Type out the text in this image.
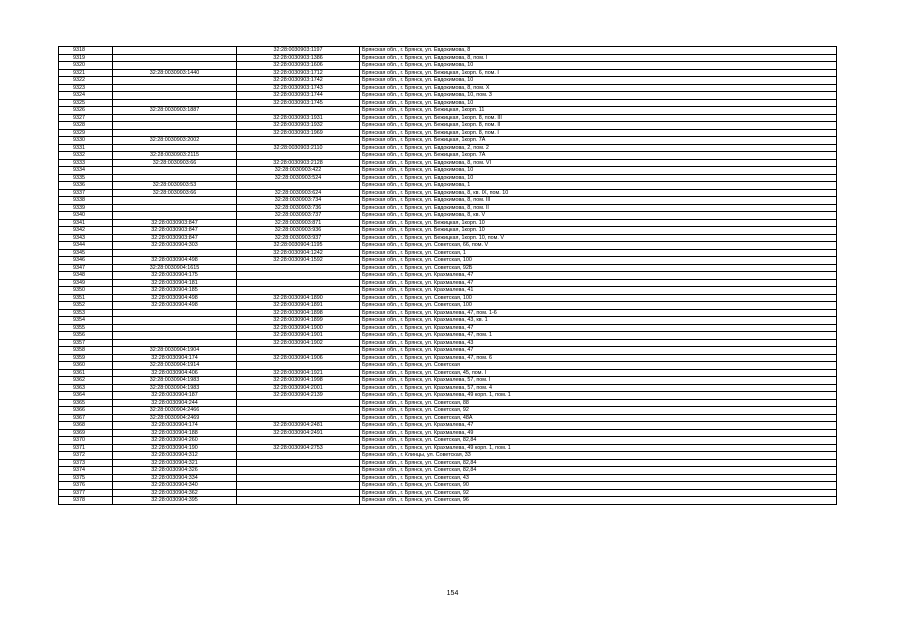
9318		32:28:0030903:1197	Брянская обл., г. Брянск, ул. Евдокимова, 8
9319		32:28:0030903:1386	Брянская обл., г. Брянск, ул. Евдокимова, 8, пом. I
9320		32:28:0030903:1606	Брянская обл., г. Брянск, ул. Евдокимова, 10
9321	32:28:0030903:1440	32:28:0030903:1712	Брянская обл., г. Брянск, ул. Бежицкая, 1корп. 6, пом. I
9322		32:28:0030903:1742	Брянская обл., г. Брянск, ул. Евдокимова, 10
9323		32:28:0030903:1743	Брянская обл., г. Брянск, ул. Евдокимова, 8, пом. X
9324		32:28:0030903:1744	Брянская обл., г. Брянск, ул. Евдокимова, 10, пом. 3
9325		32:28:0030903:1745	Брянская обл., г. Брянск, ул. Евдокимова, 10
9326	32:28:0030903:1887		Брянская обл., г. Брянск, ул. Бежицкая, 1корп. 11
9327		32:28:0030903:1931	Брянская обл., г. Брянск, ул. Бежицкая, 1корп. 8, пом. III
9328		32:28:0030903:1932	Брянская обл., г. Брянск, ул. Бежицкая, 1корп. 8, пом. II
9329		32:28:0030903:1969	Брянская обл., г. Брянск, ул. Бежицкая, 1корп. 8, пом. I
9330	32:28:0030903:2002		Брянская обл., г. Брянск, ул. Бежицкая, 1корп. 7А
9331		32:28:0030903:2110	Брянская обл., г. Брянск, ул. Евдокимова, 2, пом. 2
9332	32:28:0030903:2115		Брянская обл., г. Брянск, ул. Бежицкая, 1корп. 7А
9333	32:28:0030903:66	32:28:0030903:2128	Брянская обл., г. Брянск, ул. Евдокимова, 8, пом. VI
9334		32:28:0030903:422	Брянская обл., г. Брянск, ул. Евдокимова, 10
9335		32:28:0030903:524	Брянская обл., г. Брянск, ул. Евдокимова, 10
9336	32:28:0030903:53		Брянская обл., г. Брянск, ул. Евдокимова, 1
9337	32:28:0030903:66	32:28:0030903:624	Брянская обл., г. Брянск, ул. Евдокимова, 8, кв. IX, пом. 10
9338		32:28:0030903:734	Брянская обл., г. Брянск, ул. Евдокимова, 8, пом. III
9339		32:28:0030903:736	Брянская обл., г. Брянск, ул. Евдокимова, 8, пом. II
9340		32:28:0030903:737	Брянская обл., г. Брянск, ул. Евдокимова, 8, кв. V
9341	32:28:0030903:847	32:28:0030903:871	Брянская обл., г. Брянск, ул. Бежицкая, 1корп. 10
9342	32:28:0030903:847	32:28:0030903:936	Брянская обл., г. Брянск, ул. Бежицкая, 1корп. 10
9343	32:28:0030903:847	32:28:0030903:937	Брянская обл., г. Брянск, ул. Бежицкая, 1корп. 10, пом. V
9344	32:28:0030904:303	32:28:0030904:1195	Брянская обл., г. Брянск, ул. Советская, 66, пом. V
9345		32:28:0030904:1242	Брянская обл., г. Брянск, ул. Советская, 1
9346	32:28:0030904:498	32:28:0030904:1592	Брянская обл., г. Брянск, ул. Советская, 100
9347	32:28:0030904:1615		Брянская обл., г. Брянск, ул. Советская, 92Б
9348	32:28:0030904:175		Брянская обл., г. Брянск, ул. Крахмалева, 47
9349	32:28:0030904:181		Брянская обл., г. Брянск, ул. Крахмалева, 47
9350	32:28:0030904:185		Брянская обл., г. Брянск, ул. Крахмалева, 41
9351	32:28:0030904:498	32:28:0030904:1890	Брянская обл., г. Брянск, ул. Советская, 100
9352	32:28:0030904:498	32:28:0030904:1891	Брянская обл., г. Брянск, ул. Советская, 100
9353		32:28:0030904:1898	Брянская обл., г. Брянск, ул. Крахмалева, 47, пом. 1-6
9354		32:28:0030904:1899	Брянская обл., г. Брянск, ул. Крахмалева, 43, кв. 1
9355		32:28:0030904:1900	Брянская обл., г. Брянск, ул. Крахмалева, 47
9356		32:28:0030904:1901	Брянская обл., г. Брянск, ул. Крахмалева, 47, пом. 1
9357		32:28:0030904:1902	Брянская обл., г. Брянск, ул. Крахмалева, 43
9358	32:28:0030904:1904		Брянская обл., г. Брянск, ул. Крахмалева, 47
9359	32:28:0030904:174	32:28:0030904:1906	Брянская обл., г. Брянск, ул. Крахмалева, 47, пом. 6
9360	32:28:0030904:1914		Брянская обл., г. Брянск, ул. Советская
9361	32:28:0030904:406	32:28:0030904:1921	Брянская обл., г. Брянск, ул. Советская, 45, пом. I
9362	32:28:0030904:1983	32:28:0030904:1998	Брянская обл., г. Брянск, ул. Крахмалева, 57, пом. I
9363	32:28:0030904:1983	32:28:0030904:2001	Брянская обл., г. Брянск, ул. Крахмалева, 57, пом. 4
9364	32:28:0030904:187	32:28:0030904:2139	Брянская обл., г. Брянск, ул. Крахмалева, 49 корп. 1, пом. 1
9365	32:28:0030904:244		Брянская обл., г. Брянск, ул. Советская, 88
9366	32:28:0030904:2466		Брянская обл., г. Брянск, ул. Советская, 92
9367	32:28:0030904:2469		Брянская обл., г. Брянск, ул. Советская, 48А
9368	32:28:0030904:174	32:28:0030904:2481	Брянская обл., г. Брянск, ул. Крахмалева, 47
9369	32:28:0030904:188	32:28:0030904:2491	Брянская обл., г. Брянск, ул. Крахмалева, 49
9370	32:28:0030904:260		Брянская обл., г. Брянск, ул. Советская, 82,84
9371	32:28:0030904:190	32:28:0030904:2753	Брянская обл., г. Брянск, ул. Крахмалева, 49 корп. 1, пом. 1
9372	32:28:0030904:312		Брянская обл., г. Клинцы, ул. Советская, 33
9373	32:28:0030904:321		Брянская обл., г. Брянск, ул. Советская, 82,84
9374	32:28:0030904:326		Брянская обл., г. Брянск, ул. Советская, 82,84
9375	32:28:0030904:334		Брянская обл., г. Брянск, ул. Советская, 43
9376	32:28:0030904:340		Брянская обл., г. Брянск, ул. Советская, 90
9377	32:28:0030904:362		Брянская обл., г. Брянск, ул. Советская, 92
9378	32:28:0030904:395		Брянская обл., г. Брянск, ул. Советская, 96
154
